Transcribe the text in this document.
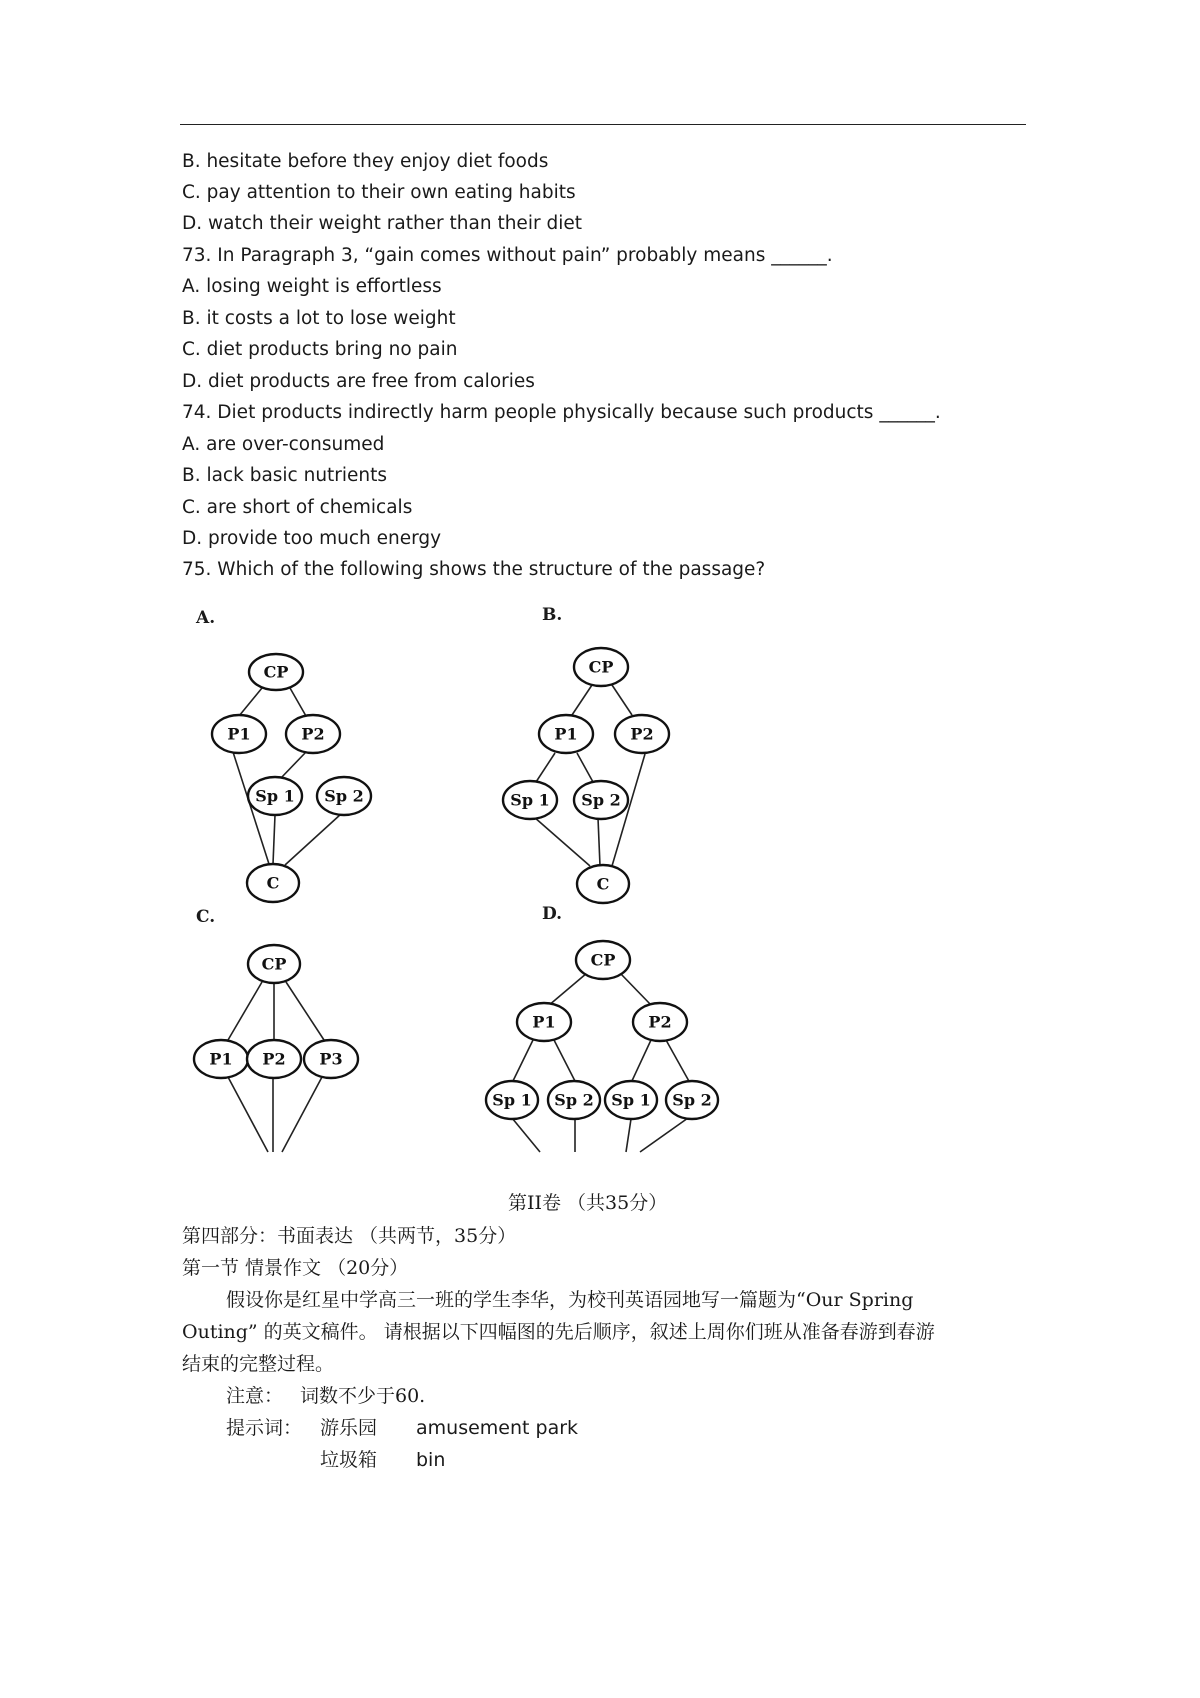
B. hesitate before they enjoy diet foods
C. pay attention to their own eating habits
D. watch their weight rather than their diet
73. In Paragraph 3, “gain comes without pain” probably means ______.
A. losing weight is effortless
B. it costs a lot to lose weight
C. diet products bring no pain
D. diet products are free from calories
74. Diet products indirectly harm people physically because such products ______.
A. are over-consumed
B. lack basic nutrients
C. are short of chemicals
D. provide too much energy
75. Which of the following shows the structure of the passage?
A.	B.
C.	D.
CP
P1	P2
Sp 1 Sp 2
C
CP
P1	P2
Sp 1 Sp 2
C
CP
P1 P2 P3
CP
P1	P2
Sp 1 Sp 2 Sp 1 Sp 2
第II卷 （共35分）
第四部分：书面表达 （共两节，35分）
第一节 情景作文 （20分）
假设你是红星中学高三一班的学生李华，为校刊英语园地写一篇题为“Our Spring
Outing” 的英文稿件。 请根据以下四幅图的先后顺序，叙述上周你们班从准备春游到春游
结束的完整过程。
注意： 词数不少于60.
提示词： 游乐园 amusement park
垃圾箱 bin
